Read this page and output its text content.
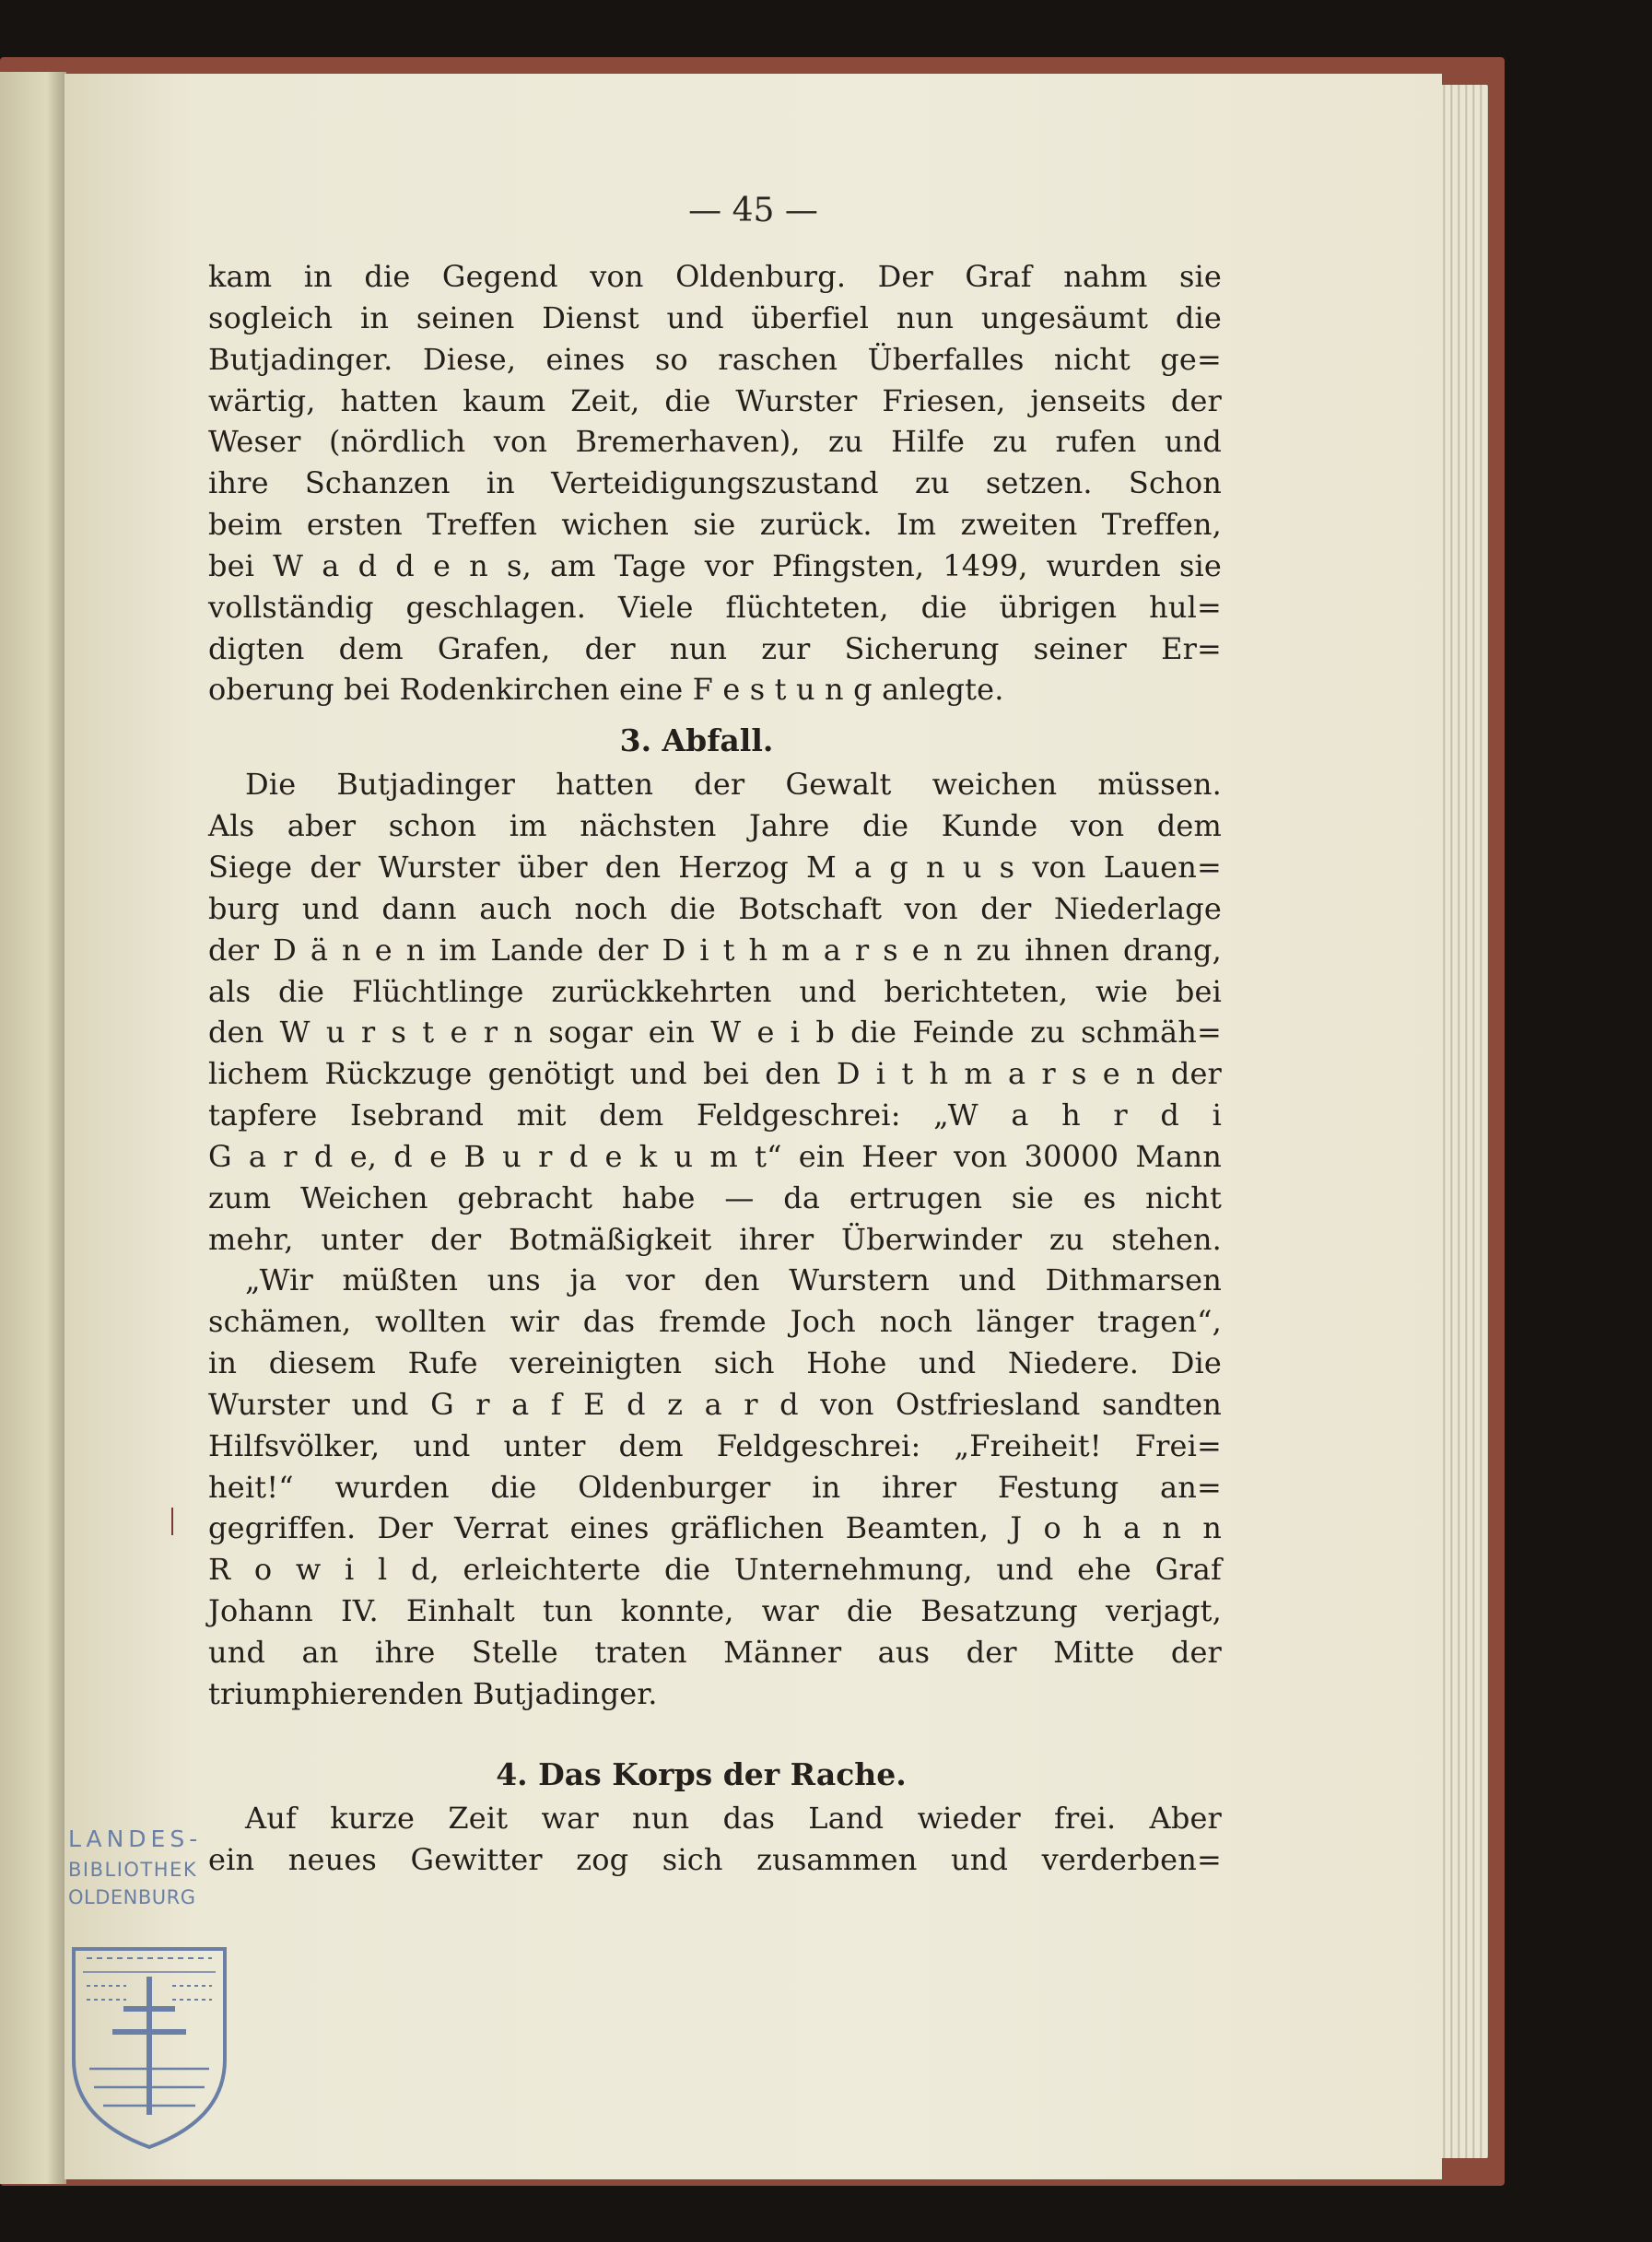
— 45 —

kam in die Gegend von Oldenburg. Der Graf nahm sie
sogleich in seinen Dienst und überfiel nun ungesäumt die
Butjadinger. Diese, eines so raschen Überfalles nicht ge=
wärtig, hatten kaum Zeit, die Wurster Friesen, jenseits der
Weser (nördlich von Bremerhaven), zu Hilfe zu rufen und
ihre Schanzen in Verteidigungszustand zu setzen. Schon
beim ersten Treffen wichen sie zurück. Im zweiten Treffen,
bei W a d d e n s, am Tage vor Pfingsten, 1499, wurden sie
vollständig geschlagen. Viele flüchteten, die übrigen hul=
digten dem Grafen, der nun zur Sicherung seiner Er=
oberung bei Rodenkirchen eine F e s t u n g anlegte.
3. Abfall.
Die Butjadinger hatten der Gewalt weichen müssen.
Als aber schon im nächsten Jahre die Kunde von dem
Siege der Wurster über den Herzog M a g n u s von Lauen=
burg und dann auch noch die Botschaft von der Niederlage
der D ä n e n im Lande der D i t h m a r s e n zu ihnen drang,
als die Flüchtlinge zurückkehrten und berichteten, wie bei
den W u r s t e r n sogar ein W e i b die Feinde zu schmäh=
lichem Rückzuge genötigt und bei den D i t h m a r s e n der
tapfere Isebrand mit dem Feldgeschrei: „W a h r d i
G a r d e, d e B u r d e k u m t“ ein Heer von 30000 Mann
zum Weichen gebracht habe — da ertrugen sie es nicht
mehr, unter der Botmäßigkeit ihrer Überwinder zu stehen.
„Wir müßten uns ja vor den Wurstern und Dithmarsen
schämen, wollten wir das fremde Joch noch länger tragen“,
in diesem Rufe vereinigten sich Hohe und Niedere. Die
Wurster und G r a f E d z a r d von Ostfriesland sandten
Hilfsvölker, und unter dem Feldgeschrei: „Freiheit! Frei=
heit!“ wurden die Oldenburger in ihrer Festung an=
gegriffen. Der Verrat eines gräflichen Beamten, J o h a n n
R o w i l d, erleichterte die Unternehmung, und ehe Graf
Johann IV. Einhalt tun konnte, war die Besatzung verjagt,
und an ihre Stelle traten Männer aus der Mitte der
triumphierenden Butjadinger.
4. Das Korps der Rache.
Auf kurze Zeit war nun das Land wieder frei. Aber
ein neues Gewitter zog sich zusammen und verderben=

LANDES-

BIBLIOTHEK

OLDENBURG
